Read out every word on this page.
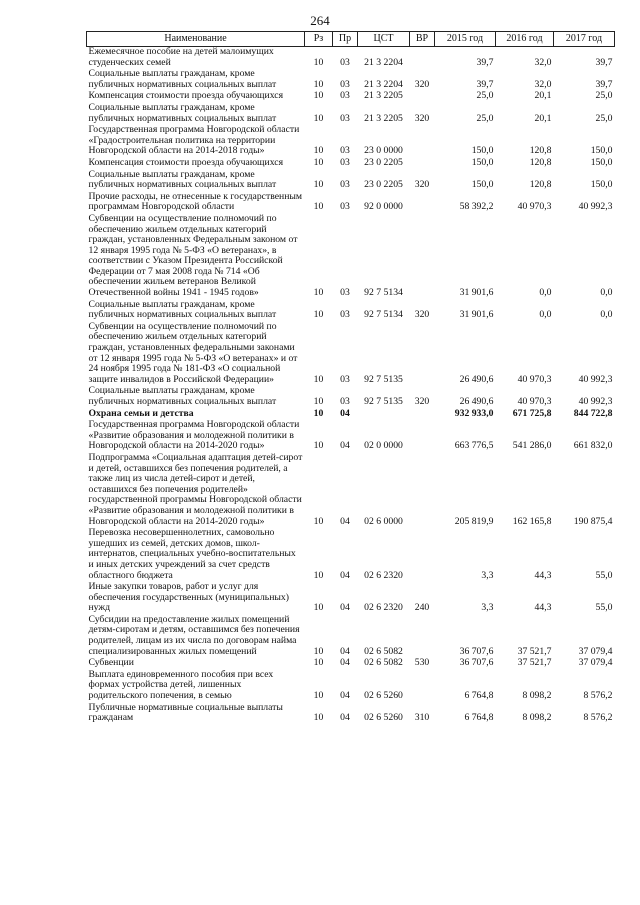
264
Наименование	Рз	Пр	ЦСТ	ВР	2015 год	2016 год	2017 год
Ежемесячное пособие на детей малоимущих студенческих семей	10	03	21 3 2204		39,7	32,0	39,7
Социальные выплаты гражданам, кроме публичных нормативных социальных выплат	10	03	21 3 2204	320	39,7	32,0	39,7
Компенсация стоимости проезда обучающихся	10	03	21 3 2205		25,0	20,1	25,0
Социальные выплаты гражданам, кроме публичных нормативных социальных выплат	10	03	21 3 2205	320	25,0	20,1	25,0
Государственная программа Новгородской области «Градостроительная политика на территории Новгородской области на 2014-2018 годы»	10	03	23 0 0000		150,0	120,8	150,0
Компенсация стоимости проезда обучающихся	10	03	23 0 2205		150,0	120,8	150,0
Социальные выплаты гражданам, кроме публичных нормативных социальных выплат	10	03	23 0 2205	320	150,0	120,8	150,0
Прочие расходы, не отнесенные к государственным программам Новгородской области	10	03	92 0 0000		58 392,2	40 970,3	40 992,3
Субвенции на осуществление полномочий по обеспечению жильем отдельных категорий граждан, установленных Федеральным законом от 12 января 1995 года № 5-ФЗ «О ветеранах», в соответствии с Указом Президента Российской Федерации от 7 мая 2008 года № 714 «Об обеспечении жильем ветеранов Великой Отечественной войны 1941 - 1945 годов»	10	03	92 7 5134		31 901,6	0,0	0,0
Социальные выплаты гражданам, кроме публичных нормативных социальных выплат	10	03	92 7 5134	320	31 901,6	0,0	0,0
Субвенции на осуществление полномочий по обеспечению жильем отдельных категорий граждан, установленных федеральными законами от 12 января 1995 года № 5-ФЗ «О ветеранах» и от 24 ноября 1995 года № 181-ФЗ «О социальной защите инвалидов в Российской Федерации»	10	03	92 7 5135		26 490,6	40 970,3	40 992,3
Социальные выплаты гражданам, кроме публичных нормативных социальных выплат	10	03	92 7 5135	320	26 490,6	40 970,3	40 992,3
Охрана семьи и детства	10	04			932 933,0	671 725,8	844 722,8
Государственная программа Новгородской области «Развитие образования и молодежной политики в Новгородской области на 2014-2020 годы»	10	04	02 0 0000		663 776,5	541 286,0	661 832,0
Подпрограмма «Социальная адаптация детей-сирот и детей, оставшихся без попечения родителей, а также лиц из числа детей-сирот и детей, оставшихся без попечения родителей» государственной программы Новгородской области «Развитие образования и молодежной политики в Новгородской области на 2014-2020 годы»	10	04	02 6 0000		205 819,9	162 165,8	190 875,4
Перевозка несовершеннолетних, самовольно ушедших из семей, детских домов, школ-интернатов, специальных учебно-воспитательных и иных детских учреждений за счет средств областного бюджета	10	04	02 6 2320		3,3	44,3	55,0
Иные закупки товаров, работ и услуг для обеспечения государственных (муниципальных) нужд	10	04	02 6 2320	240	3,3	44,3	55,0
Субсидии на предоставление жилых помещений детям-сиротам и детям, оставшимся без попечения родителей, лицам из их числа по договорам найма специализированных жилых помещений	10	04	02 6 5082		36 707,6	37 521,7	37 079,4
Субвенции	10	04	02 6 5082	530	36 707,6	37 521,7	37 079,4
Выплата единовременного пособия при всех формах устройства детей, лишенных родительского попечения, в семью	10	04	02 6 5260		6 764,8	8 098,2	8 576,2
Публичные нормативные социальные выплаты гражданам	10	04	02 6 5260	310	6 764,8	8 098,2	8 576,2
